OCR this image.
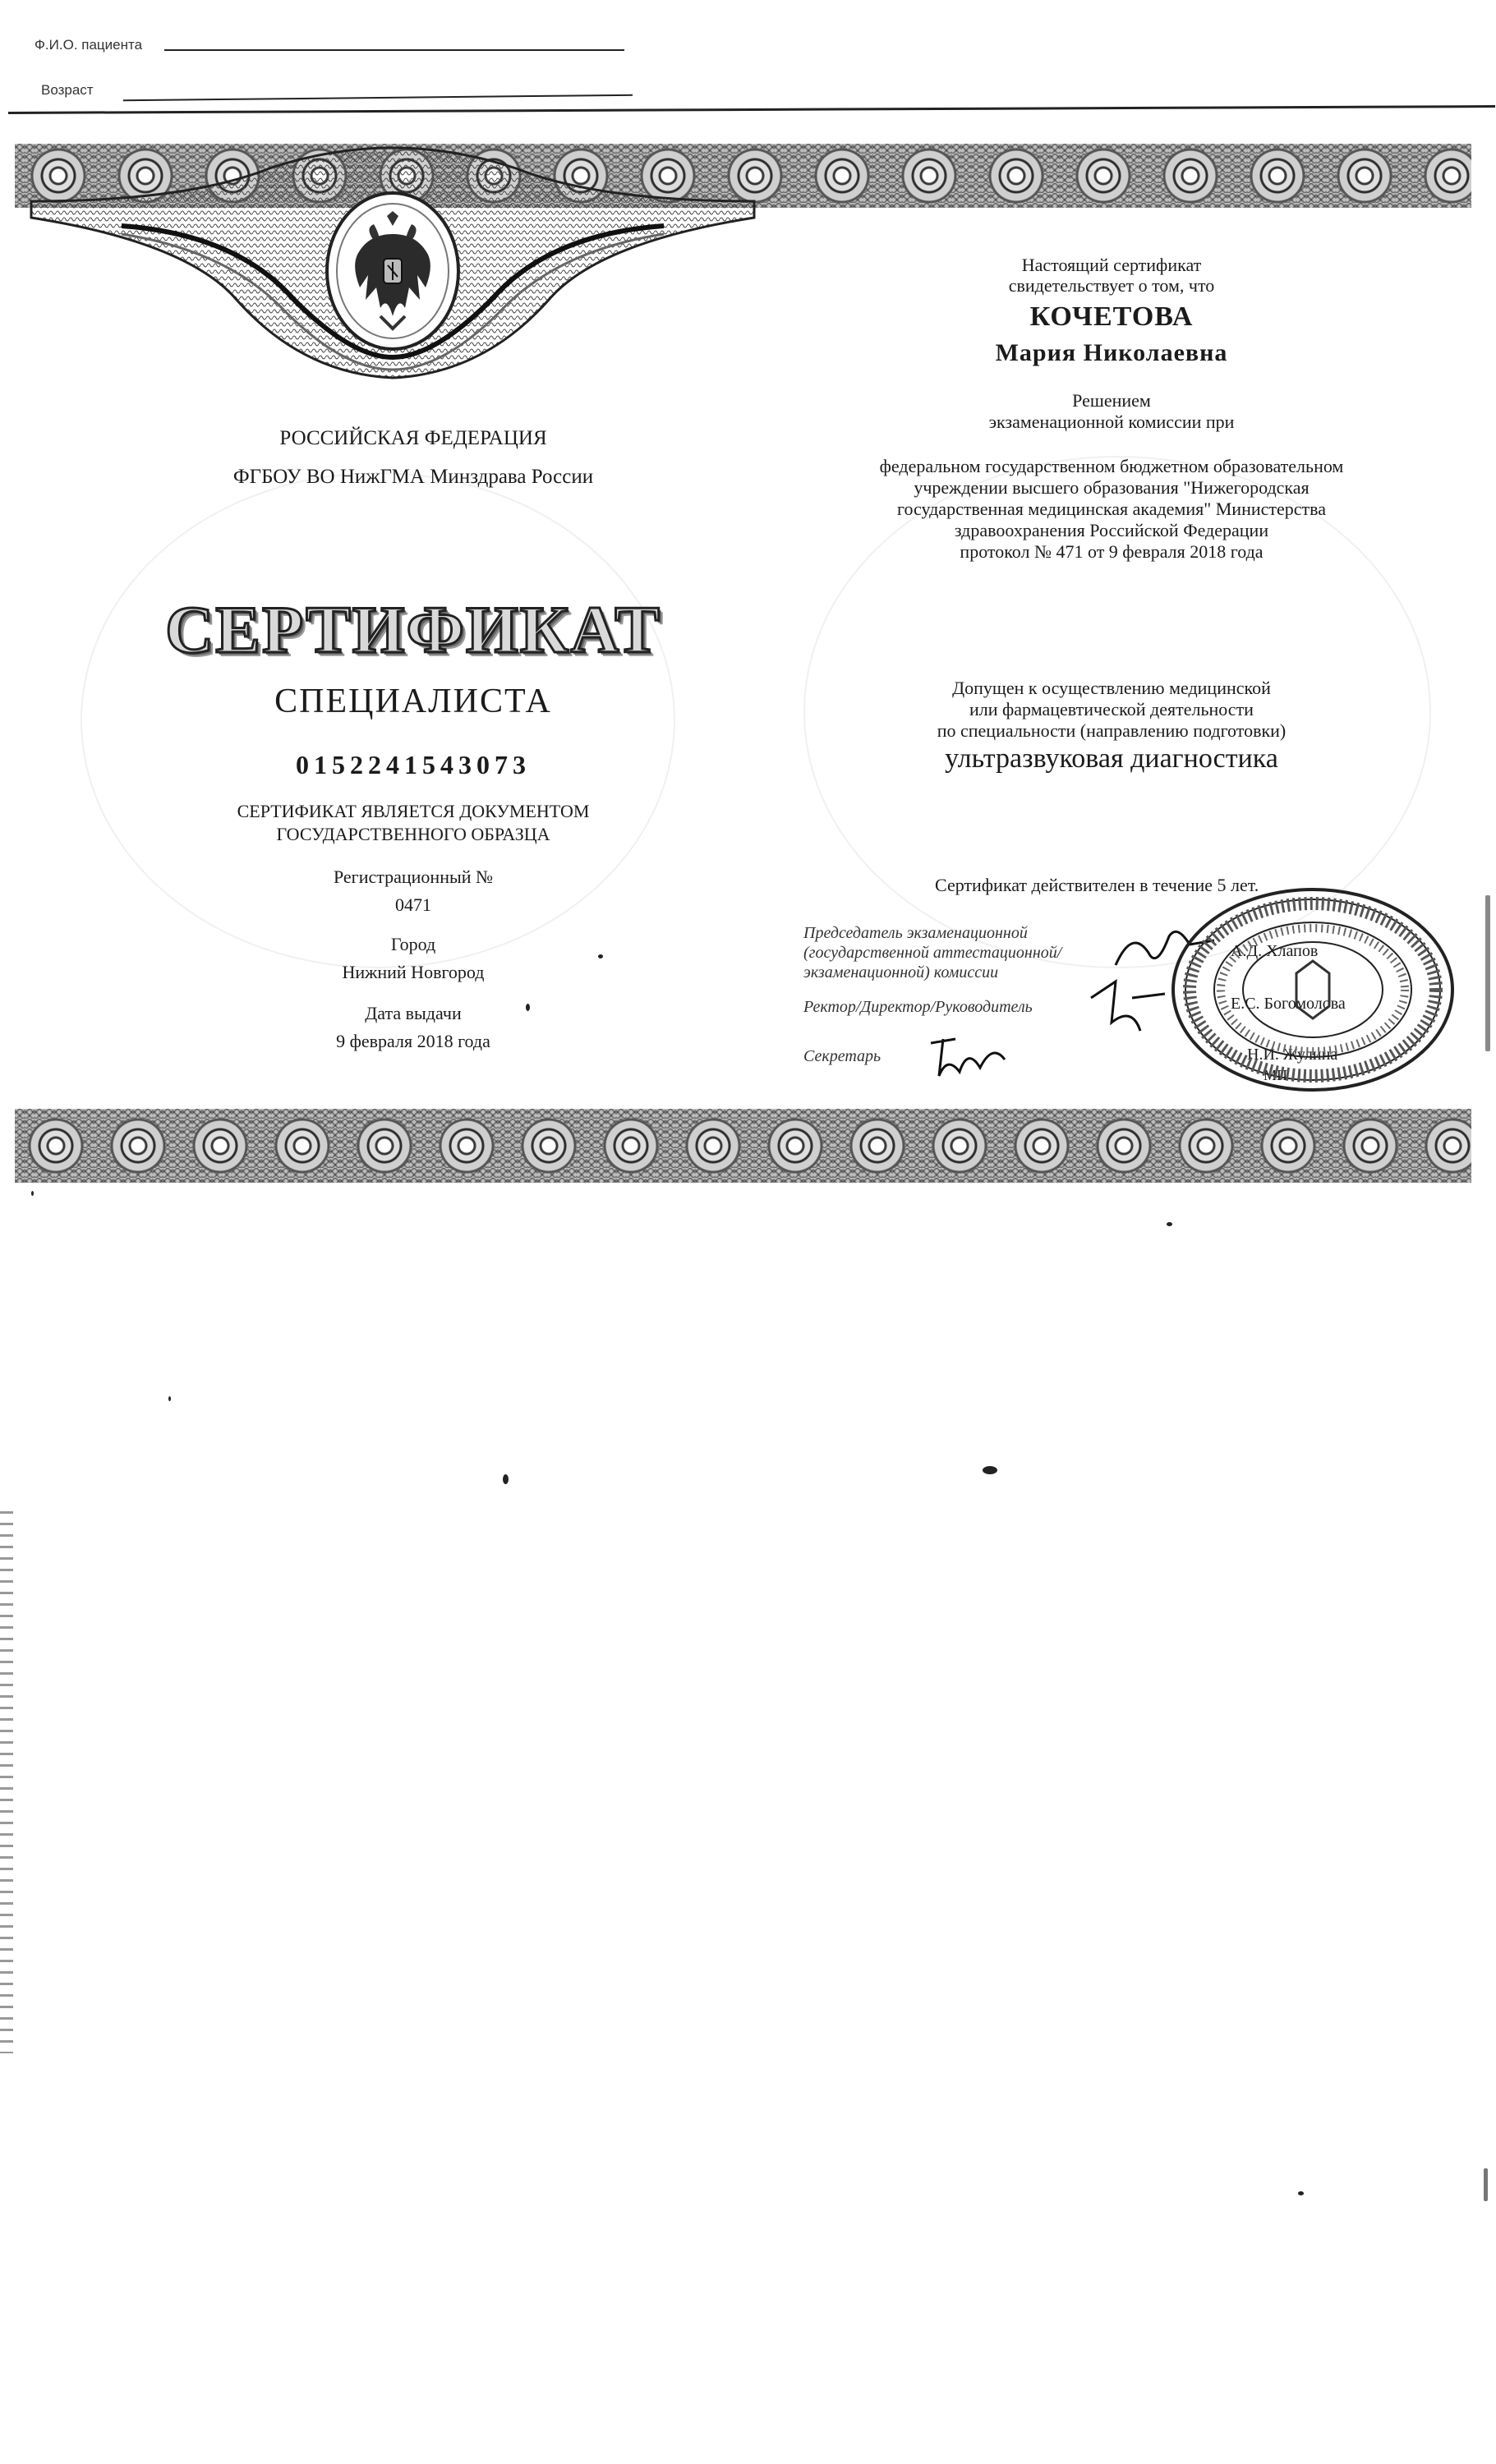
Ф.И.О. пациента
Возраст
РОССИЙСКАЯ ФЕДЕРАЦИЯ
ФГБОУ ВО НижГМА Минздрава России
СЕРТИФИКАТ
СПЕЦИАЛИСТА
0152241543073
СЕРТИФИКАТ ЯВЛЯЕТСЯ ДОКУМЕНТОМ
ГОСУДАРСТВЕННОГО ОБРАЗЦА
Регистрационный №
0471
Город
Нижний Новгород
Дата выдачи
9 февраля 2018 года
Настоящий сертификат
свидетельствует о том, что
КОЧЕТОВА
Мария Николаевна
Решением
экзаменационной комиссии при
федеральном государственном бюджетном образовательном
учреждении высшего образования "Нижегородская
государственная медицинская академия" Министерства
здравоохранения Российской Федерации
протокол № 471 от 9 февраля 2018 года
Допущен к осуществлению медицинской
или фармацевтической деятельности
по специальности (направлению подготовки)
ультразвуковая диагностика
Сертификат действителен в течение 5 лет.
Председатель экзаменационной
(государственной аттестационной/
экзаменационной) комиссии
А.Д. Хлапов
Ректор/Директор/Руководитель	Е.С. Богомолова
Секретарь	Н.И. Жулина
МП
